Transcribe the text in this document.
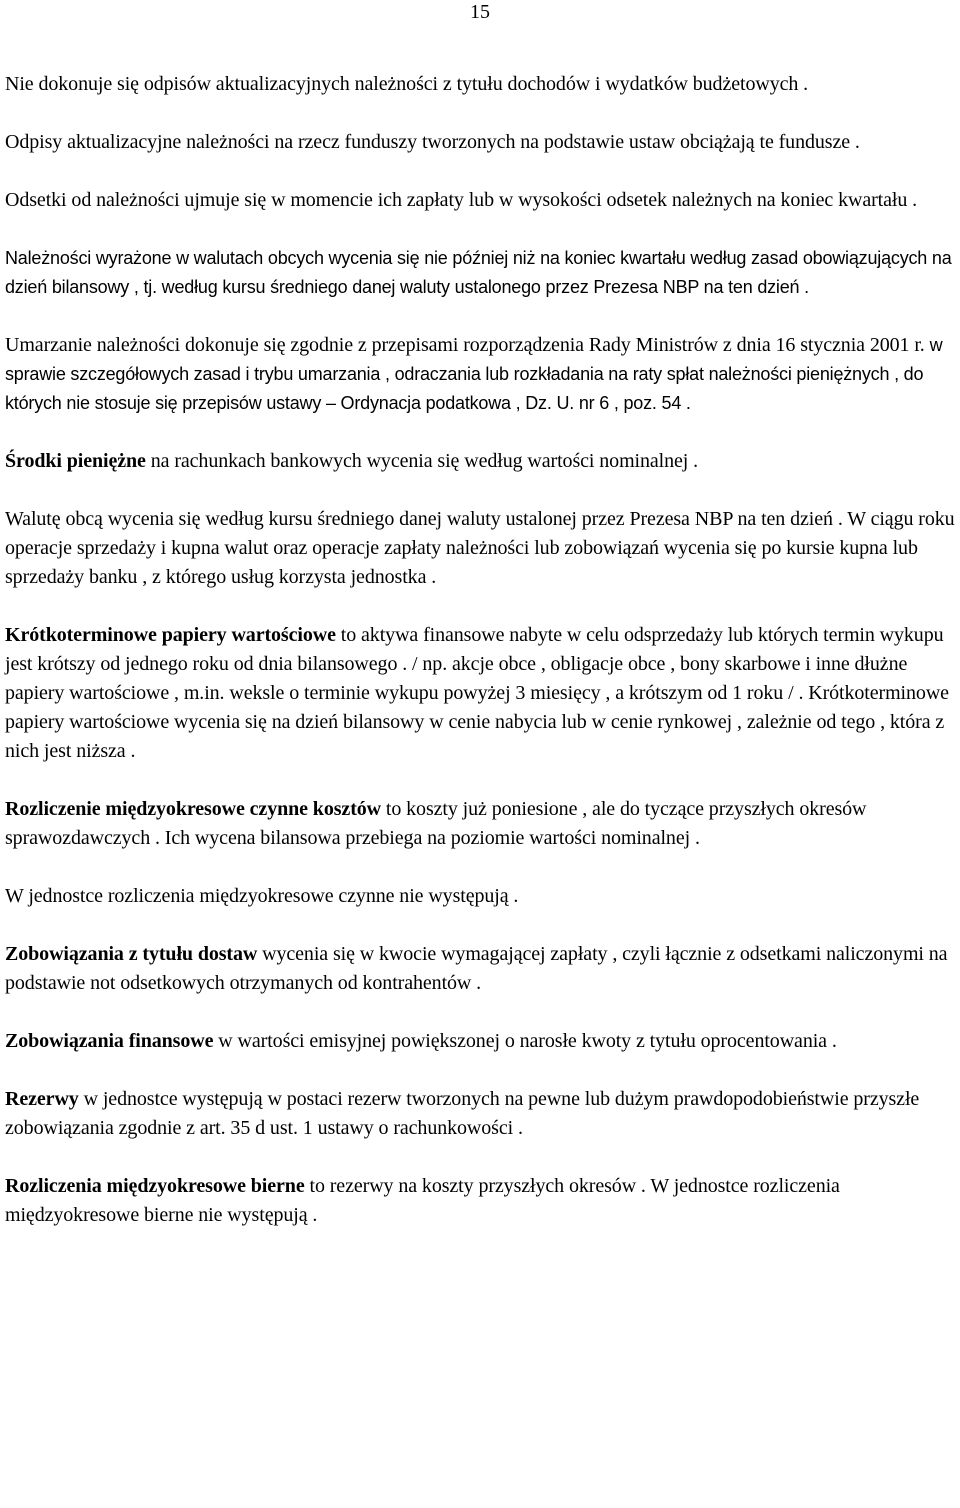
15

Nie dokonuje się odpisów aktualizacyjnych należności z tytułu dochodów i wydatków budżetowych .

Odpisy aktualizacyjne należności na rzecz funduszy tworzonych na podstawie ustaw obciążają te fundusze .

Odsetki od należności ujmuje się w momencie ich zapłaty lub w wysokości odsetek należnych na koniec kwartału .

Należności wyrażone w walutach obcych wycenia się nie później niż na koniec kwartału według zasad obowiązujących na dzień bilansowy , tj. według kursu średniego danej waluty ustalonego przez Prezesa NBP na ten dzień .

Umarzanie należności dokonuje się zgodnie z przepisami rozporządzenia Rady Ministrów z dnia 16 stycznia 2001 r. w sprawie szczegółowych zasad i trybu umarzania , odraczania lub rozkładania na raty spłat należności pieniężnych , do których nie stosuje się przepisów ustawy – Ordynacja podatkowa , Dz. U. nr 6 , poz. 54 .

Środki pieniężne na rachunkach bankowych wycenia się według wartości nominalnej .

Walutę obcą wycenia się według kursu średniego danej waluty ustalonej przez Prezesa NBP na ten dzień . W ciągu roku operacje sprzedaży i kupna walut oraz operacje zapłaty należności lub zobowiązań wycenia się po kursie kupna lub sprzedaży banku , z którego usług korzysta jednostka .

Krótkoterminowe papiery wartościowe to aktywa finansowe nabyte w celu odsprzedaży lub których termin wykupu jest krótszy od jednego roku od dnia bilansowego . / np. akcje obce , obligacje obce , bony skarbowe i inne dłużne papiery wartościowe , m.in. weksle o terminie wykupu powyżej 3 miesięcy , a krótszym od 1 roku / . Krótkoterminowe papiery wartościowe wycenia się na dzień bilansowy w cenie nabycia lub w cenie rynkowej , zależnie od tego , która z nich jest niższa .

Rozliczenie międzyokresowe czynne kosztów to koszty już poniesione , ale do tyczące przyszłych okresów sprawozdawczych . Ich wycena bilansowa przebiega na poziomie wartości nominalnej .

W jednostce rozliczenia międzyokresowe czynne nie występują .

Zobowiązania z tytułu dostaw wycenia się w kwocie wymagającej zapłaty , czyli łącznie z odsetkami naliczonymi na podstawie not odsetkowych otrzymanych od kontrahentów .

Zobowiązania finansowe w wartości emisyjnej powiększonej o narosłe kwoty z tytułu oprocentowania .

Rezerwy w jednostce występują w postaci rezerw tworzonych na pewne lub dużym prawdopodobieństwie przyszłe zobowiązania zgodnie z art. 35 d ust. 1 ustawy o rachunkowości .

Rozliczenia międzyokresowe bierne to rezerwy na koszty przyszłych okresów . W jednostce rozliczenia międzyokresowe bierne nie występują .
